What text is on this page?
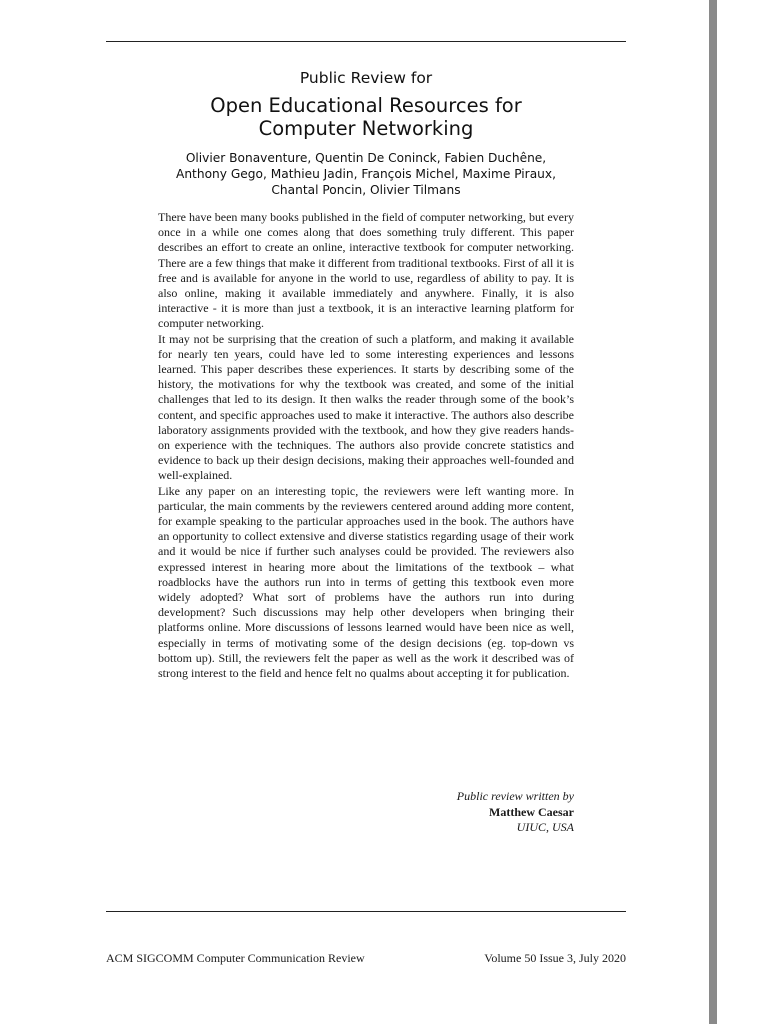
Public Review for
Open Educational Resources for
Computer Networking
Olivier Bonaventure, Quentin De Coninck, Fabien Duchêne,
Anthony Gego, Mathieu Jadin, François Michel, Maxime Piraux,
Chantal Poncin, Olivier Tilmans

There have been many books published in the field of computer networking, but every once in a while one comes along that does something truly different. This paper describes an effort to create an online, interactive textbook for computer networking. There are a few things that make it different from traditional textbooks. First of all it is free and is available for anyone in the world to use, regardless of ability to pay. It is also online, making it available immediately and anywhere. Finally, it is also interactive - it is more than just a textbook, it is an interactive learning platform for computer networking.

It may not be surprising that the creation of such a platform, and making it available for nearly ten years, could have led to some interesting experiences and lessons learned. This paper describes these experiences. It starts by describing some of the history, the motivations for why the textbook was created, and some of the initial challenges that led to its design. It then walks the reader through some of the book’s content, and specific approaches used to make it interactive. The authors also describe laboratory assignments provided with the textbook, and how they give readers hands-on experience with the techniques. The authors also provide concrete statistics and evidence to back up their design decisions, making their approaches well-founded and well-explained.

Like any paper on an interesting topic, the reviewers were left wanting more. In particular, the main comments by the reviewers centered around adding more content, for example speaking to the particular approaches used in the book. The authors have an opportunity to collect extensive and diverse statistics regarding usage of their work and it would be nice if further such analyses could be provided. The reviewers also expressed interest in hearing more about the limitations of the textbook – what roadblocks have the authors run into in terms of getting this textbook even more widely adopted? What sort of problems have the authors run into during development? Such discussions may help other developers when bringing their platforms online. More discussions of lessons learned would have been nice as well, especially in terms of motivating some of the design decisions (eg. top-down vs bottom up). Still, the reviewers felt the paper as well as the work it described was of strong interest to the field and hence felt no qualms about accepting it for publication.

Public review written by
Matthew Caesar
UIUC, USA
ACM SIGCOMM Computer Communication Review	Volume 50 Issue 3, July 2020
